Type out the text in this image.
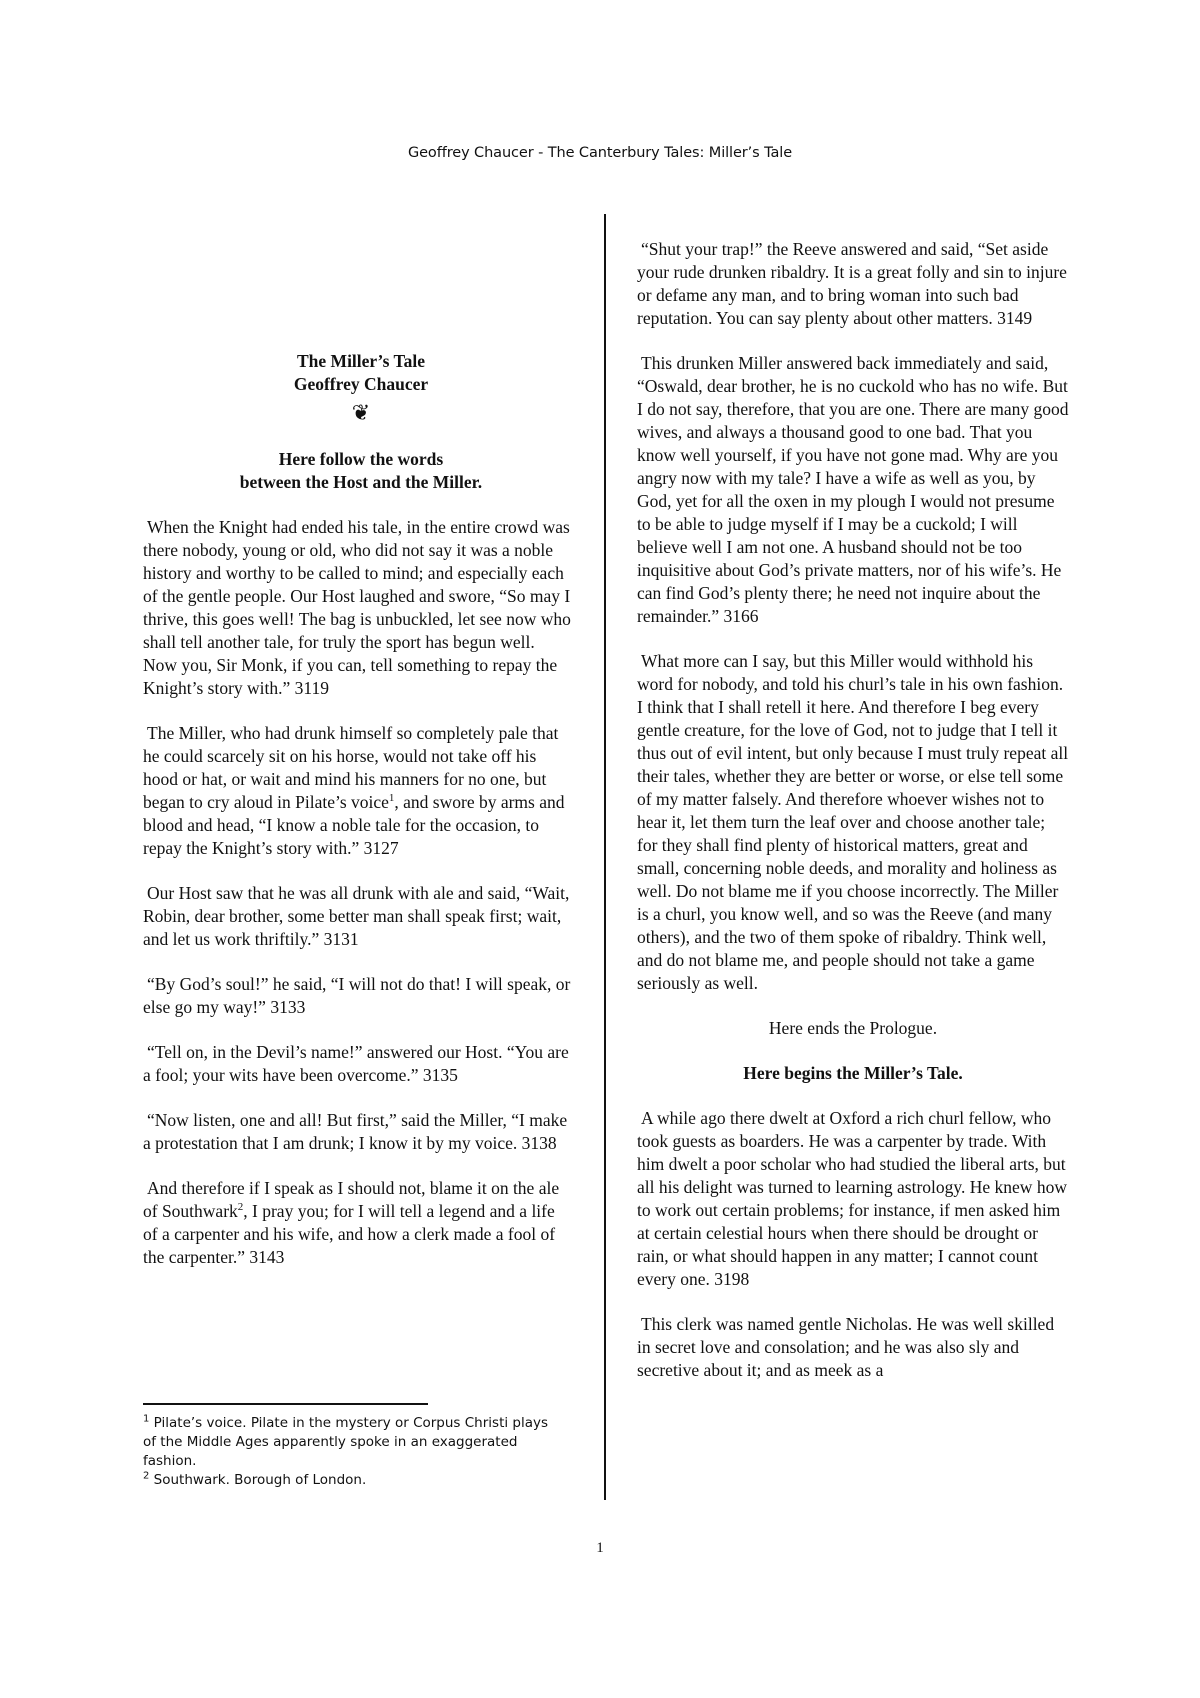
Geoffrey Chaucer - The Canterbury Tales: Miller’s Tale
The Miller’s Tale
Geoffrey Chaucer
❦
Here follow the words
between the Host and the Miller.

When the Knight had ended his tale, in the entire crowd was there nobody, young or old, who did not say it was a noble history and worthy to be called to mind; and especially each of the gentle people. Our Host laughed and swore, “So may I thrive, this goes well! The bag is unbuckled, let see now who shall tell another tale, for truly the sport has begun well. Now you, Sir Monk, if you can, tell something to repay the Knight’s story with.” 3119

The Miller, who had drunk himself so completely pale that he could scarcely sit on his horse, would not take off his hood or hat, or wait and mind his manners for no one, but began to cry aloud in Pilate’s voice$^1$, and swore by arms and blood and head, “I know a noble tale for the occasion, to repay the Knight’s story with.” 3127

Our Host saw that he was all drunk with ale and said, “Wait, Robin, dear brother, some better man shall speak first; wait, and let us work thriftily.” 3131

“By God’s soul!” he said, “I will not do that! I will speak, or else go my way!” 3133

“Tell on, in the Devil’s name!” answered our Host. “You are a fool; your wits have been overcome.” 3135

“Now listen, one and all! But first,” said the Miller, “I make a protestation that I am drunk; I know it by my voice. 3138

And therefore if I speak as I should not, blame it on the ale of Southwark$^2$, I pray you; for I will tell a legend and a life of a carpenter and his wife, and how a clerk made a fool of the carpenter.” 3143

$^1$ Pilate’s voice. Pilate in the mystery or Corpus Christi plays of the Middle Ages apparently spoke in an exaggerated fashion.

$^2$ Southwark. Borough of London.

“Shut your trap!” the Reeve answered and said, “Set aside your rude drunken ribaldry. It is a great folly and sin to injure or defame any man, and to bring woman into such bad reputation. You can say plenty about other matters. 3149

This drunken Miller answered back immediately and said, “Oswald, dear brother, he is no cuckold who has no wife. But I do not say, therefore, that you are one. There are many good wives, and always a thousand good to one bad. That you know well yourself, if you have not gone mad. Why are you angry now with my tale? I have a wife as well as you, by God, yet for all the oxen in my plough I would not presume to be able to judge myself if I may be a cuckold; I will believe well I am not one. A husband should not be too inquisitive about God’s private matters, nor of his wife’s. He can find God’s plenty there; he need not inquire about the remainder.” 3166

What more can I say, but this Miller would withhold his word for nobody, and told his churl’s tale in his own fashion. I think that I shall retell it here. And therefore I beg every gentle creature, for the love of God, not to judge that I tell it thus out of evil intent, but only because I must truly repeat all their tales, whether they are better or worse, or else tell some of my matter falsely. And therefore whoever wishes not to hear it, let them turn the leaf over and choose another tale; for they shall find plenty of historical matters, great and small, concerning noble deeds, and morality and holiness as well. Do not blame me if you choose incorrectly. The Miller is a churl, you know well, and so was the Reeve (and many others), and the two of them spoke of ribaldry. Think well, and do not blame me, and people should not take a game seriously as well.

Here ends the Prologue.

Here begins the Miller’s Tale.

A while ago there dwelt at Oxford a rich churl fellow, who took guests as boarders. He was a carpenter by trade. With him dwelt a poor scholar who had studied the liberal arts, but all his delight was turned to learning astrology. He knew how to work out certain problems; for instance, if men asked him at certain celestial hours when there should be drought or rain, or what should happen in any matter; I cannot count every one. 3198

This clerk was named gentle Nicholas. He was well skilled in secret love and consolation; and he was also sly and secretive about it; and as meek as a

1
